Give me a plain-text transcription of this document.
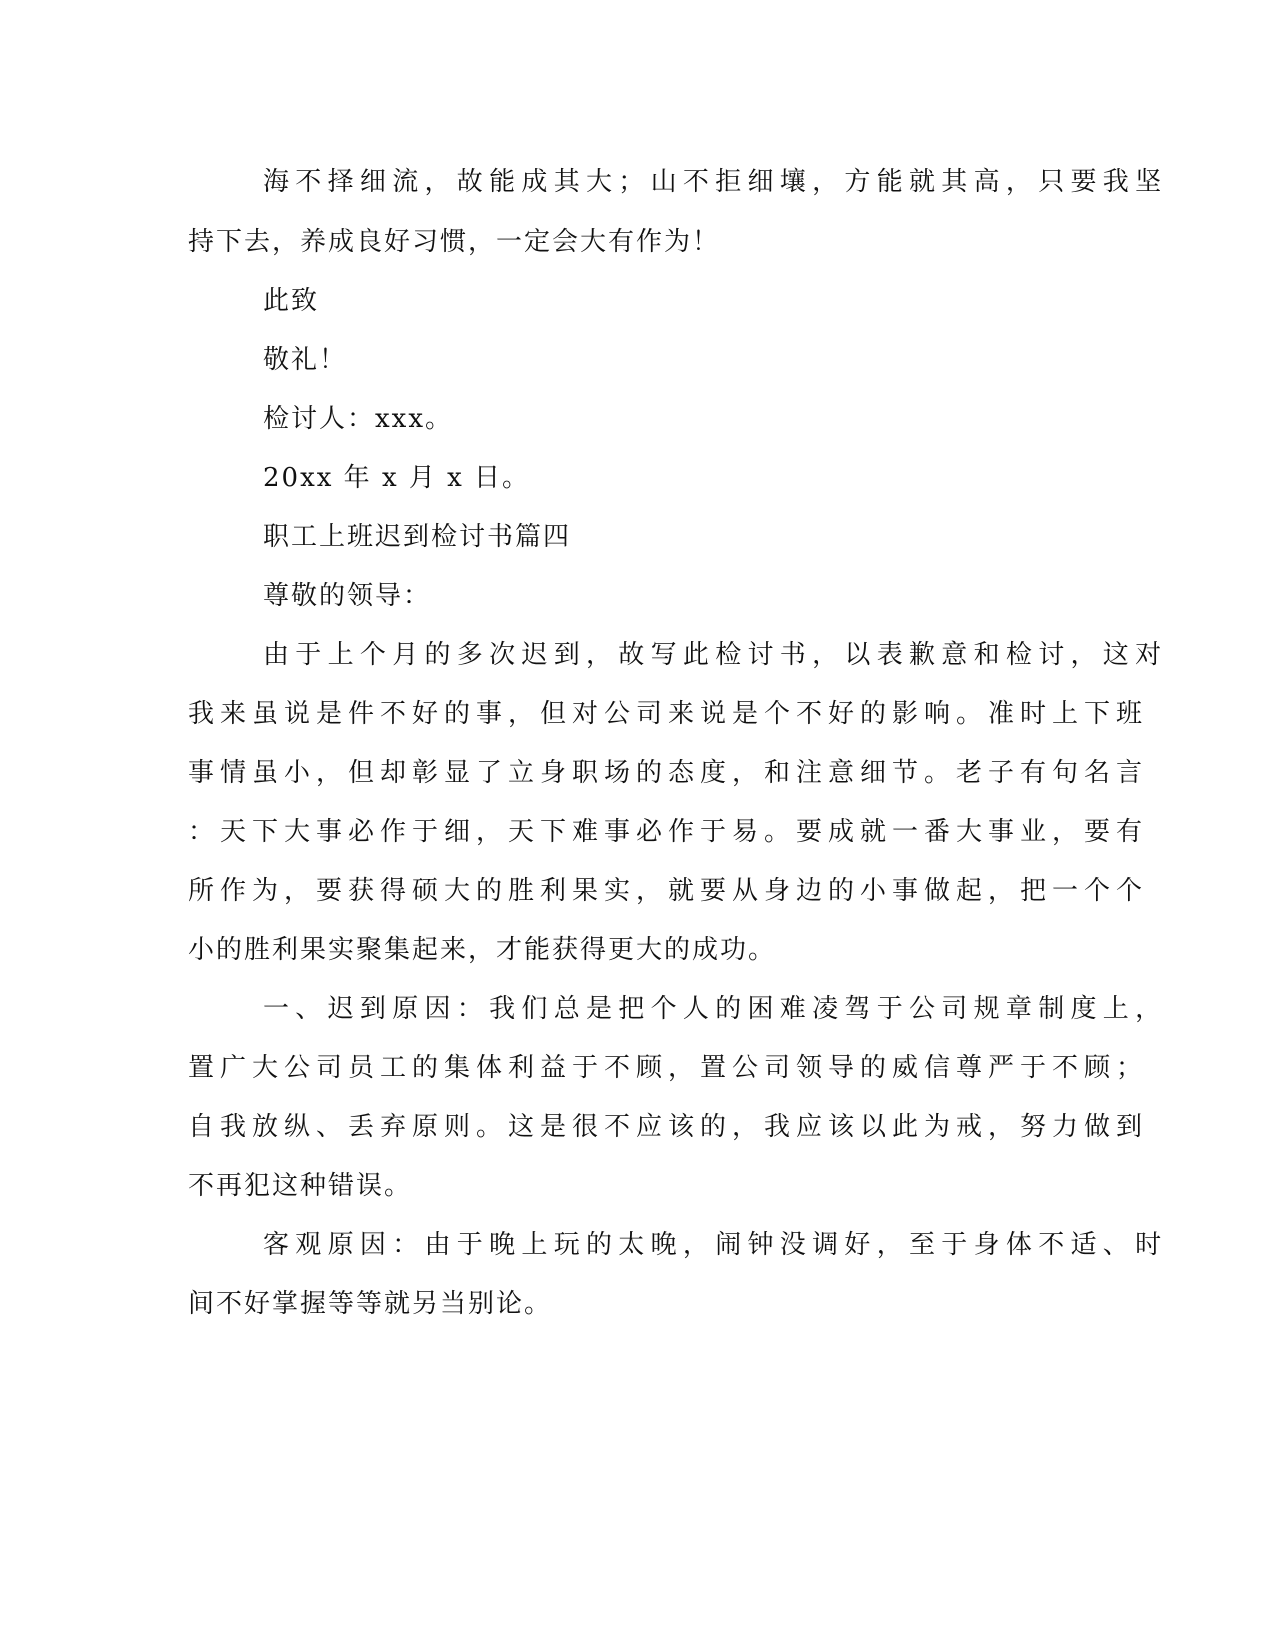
海不择细流，故能成其大；山不拒细壤，方能就其高，只要我坚

持下去，养成良好习惯，一定会大有作为！

此致

敬礼！

检讨人：xxx。

20xx 年 x 月 x 日。

职工上班迟到检讨书篇四

尊敬的领导：

由于上个月的多次迟到，故写此检讨书，以表歉意和检讨，这对

我来虽说是件不好的事，但对公司来说是个不好的影响。准时上下班

事情虽小，但却彰显了立身职场的态度，和注意细节。老子有句名言

：天下大事必作于细，天下难事必作于易。要成就一番大事业，要有

所作为，要获得硕大的胜利果实，就要从身边的小事做起，把一个个

小的胜利果实聚集起来，才能获得更大的成功。

一、迟到原因：我们总是把个人的困难凌驾于公司规章制度上，

置广大公司员工的集体利益于不顾，置公司领导的威信尊严于不顾；

自我放纵、丢弃原则。这是很不应该的，我应该以此为戒，努力做到

不再犯这种错误。

客观原因：由于晚上玩的太晚，闹钟没调好，至于身体不适、时

间不好掌握等等就另当别论。
